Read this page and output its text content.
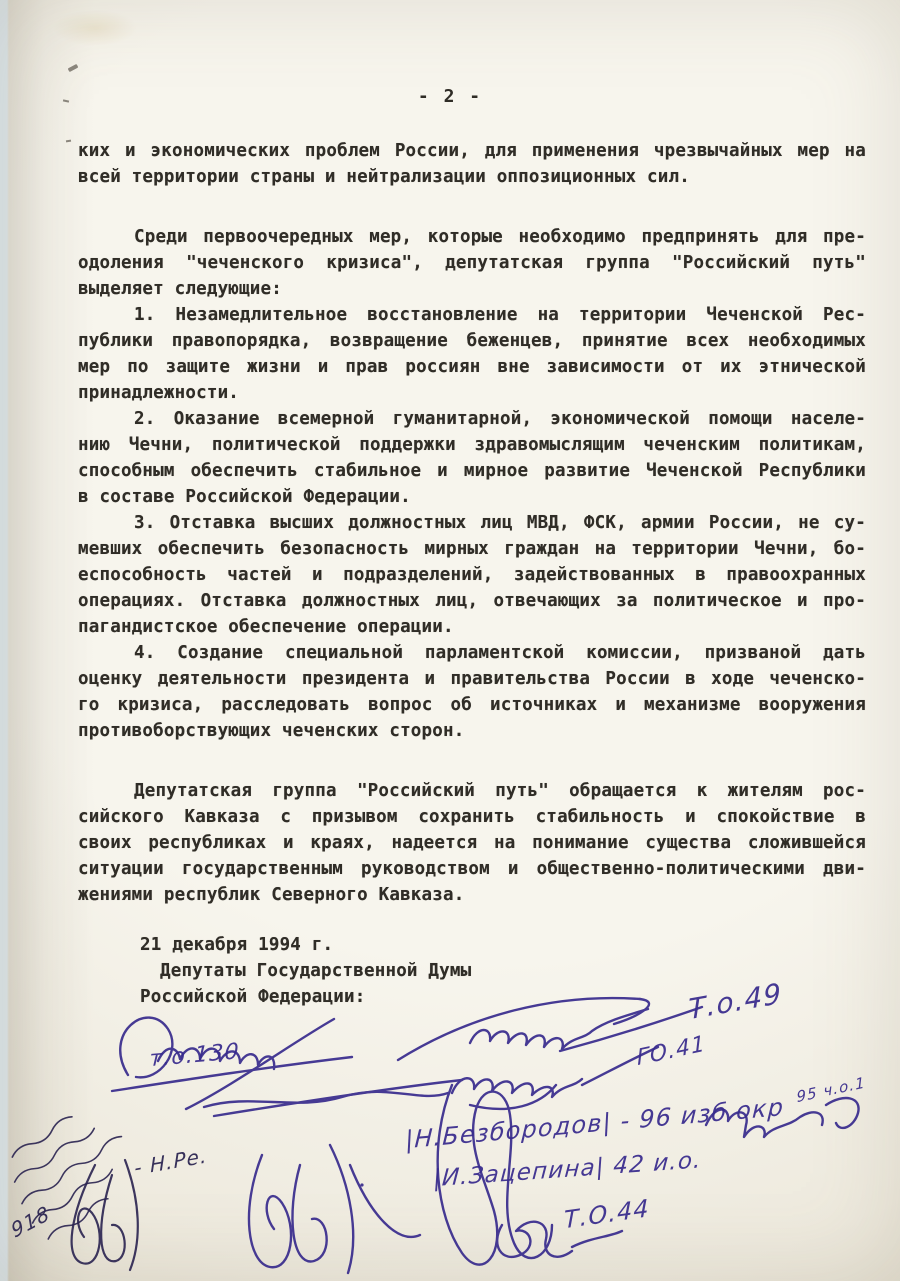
- 2 -
ких и экономических проблем России, для применения чрезвычайных мер на
всей территории страны и нейтрализации оппозиционных сил.
Среди первоочередных мер, которые необходимо предпринять для пре-
одоления "чеченского кризиса", депутатская группа "Российский путь"
выделяет следующие:
1. Незамедлительное восстановление на территории Чеченской Рес-
публики правопорядка, возвращение беженцев, принятие всех необходимых
мер по защите жизни и прав россиян вне зависимости от их этнической
принадлежности.
2. Оказание всемерной гуманитарной, экономической помощи населе-
нию Чечни, политической поддержки здравомыслящим чеченским политикам,
способным обеспечить стабильное и мирное развитие Чеченской Республики
в составе Российской Федерации.
3. Отставка высших должностных лиц МВД, ФСК, армии России, не су-
мевших обеспечить безопасность мирных граждан на территории Чечни, бо-
еспособность частей и подразделений, задействованных в правоохранных
операциях. Отставка должностных лиц, отвечающих за политическое и про-
пагандистское обеспечение операции.
4. Создание специальной парламентской комиссии, призваной дать
оценку деятельности президента и правительства России в ходе чеченско-
го кризиса, расследовать вопрос об источниках и механизме вооружения
противоборствующих чеченских сторон.
Депутатская группа "Российский путь" обращается к жителям рос-
сийского Кавказа с призывом сохранить стабильность и спокойствие в
своих республиках и краях, надеется на понимание существа сложившейся
ситуации государственным руководством и общественно-политическими дви-
жениями республик Северного Кавказа.
21 декабря 1994 г.
Депутаты Государственной Думы
Российской Федерации:
т.о.130
Т.о.49
ГО.41
95 ч.о.1
|Н.Безбородов| - 96 изб окр
|И.Зацепина| 42 и.о.
Т.О.44
- Н.Ре.
918
